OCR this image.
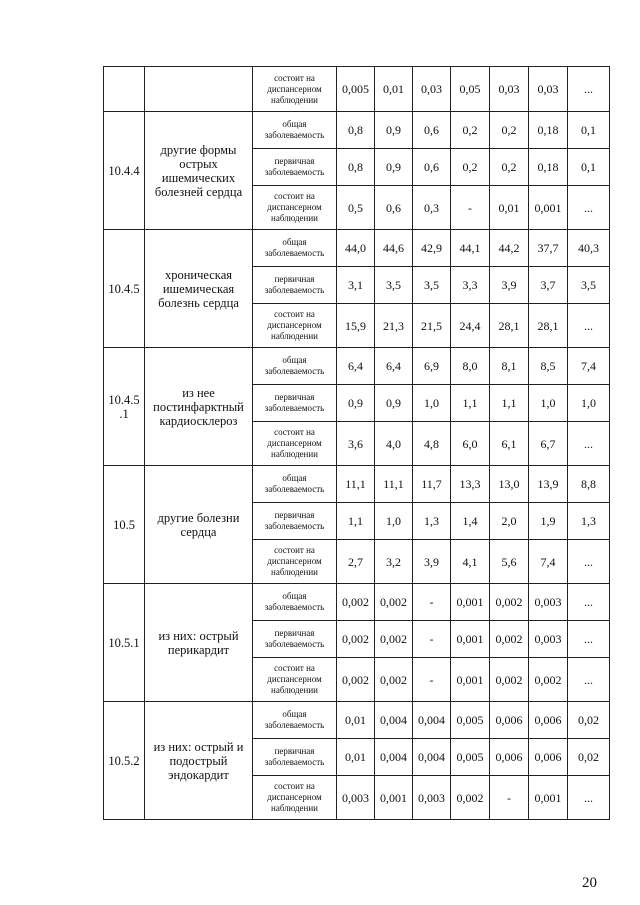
		состоит на диспансерном наблюдении	0,005	0,01	0,03	0,05	0,03	0,03	...
10.4.4	другие формы острых ишемических болезней сердца	общая заболеваемость	0,8	0,9	0,6	0,2	0,2	0,18	0,1
		первичная заболеваемость	0,8	0,9	0,6	0,2	0,2	0,18	0,1
		состоит на диспансерном наблюдении	0,5	0,6	0,3	-	0,01	0,001	...
10.4.5	хроническая ишемическая болезнь сердца	общая заболеваемость	44,0	44,6	42,9	44,1	44,2	37,7	40,3
		первичная заболеваемость	3,1	3,5	3,5	3,3	3,9	3,7	3,5
		состоит на диспансерном наблюдении	15,9	21,3	21,5	24,4	28,1	28,1	...
10.4.5 .1	из нее постинфарктный кардиосклероз	общая заболеваемость	6,4	6,4	6,9	8,0	8,1	8,5	7,4
		первичная заболеваемость	0,9	0,9	1,0	1,1	1,1	1,0	1,0
		состоит на диспансерном наблюдении	3,6	4,0	4,8	6,0	6,1	6,7	...
10.5	другие болезни сердца	общая заболеваемость	11,1	11,1	11,7	13,3	13,0	13,9	8,8
		первичная заболеваемость	1,1	1,0	1,3	1,4	2,0	1,9	1,3
		состоит на диспансерном наблюдении	2,7	3,2	3,9	4,1	5,6	7,4	...
10.5.1	из них: острый перикардит	общая заболеваемость	0,002	0,002	-	0,001	0,002	0,003	...
		первичная заболеваемость	0,002	0,002	-	0,001	0,002	0,003	...
		состоит на диспансерном наблюдении	0,002	0,002	-	0,001	0,002	0,002	...
10.5.2	из них: острый и подострый эндокардит	общая заболеваемость	0,01	0,004	0,004	0,005	0,006	0,006	0,02
		первичная заболеваемость	0,01	0,004	0,004	0,005	0,006	0,006	0,02
		состоит на диспансерном наблюдении	0,003	0,001	0,003	0,002	-	0,001	...
20
